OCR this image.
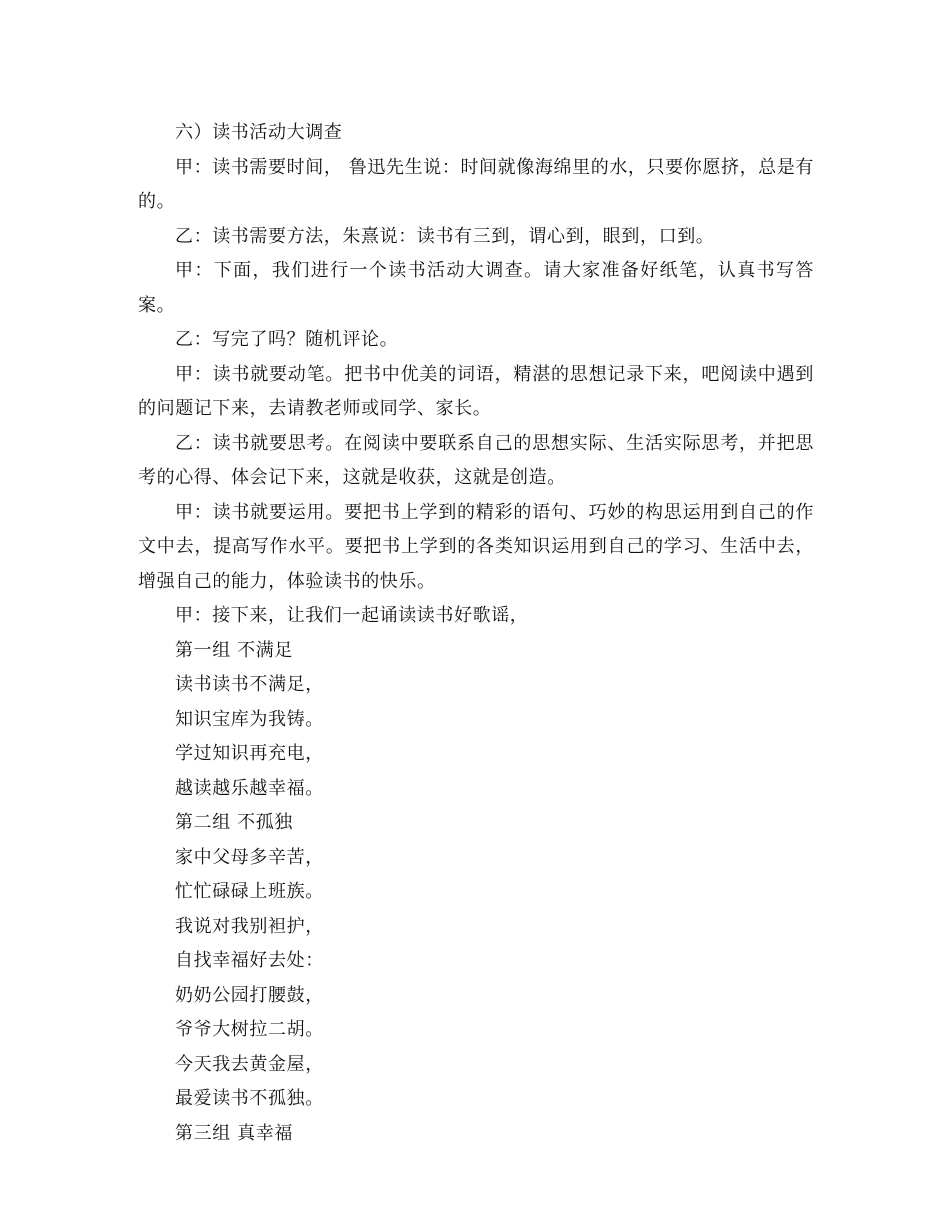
六）读书活动大调查

甲：读书需要时间， 鲁迅先生说：时间就像海绵里的水，只要你愿挤，总是有的。

乙：读书需要方法，朱熹说：读书有三到，谓心到，眼到，口到。

甲：下面，我们进行一个读书活动大调查。请大家准备好纸笔，认真书写答案。

乙：写完了吗？随机评论。

甲：读书就要动笔。把书中优美的词语，精湛的思想记录下来，吧阅读中遇到的问题记下来，去请教老师或同学、家长。

乙：读书就要思考。在阅读中要联系自己的思想实际、生活实际思考，并把思考的心得、体会记下来，这就是收获，这就是创造。

甲：读书就要运用。要把书上学到的精彩的语句、巧妙的构思运用到自己的作文中去，提高写作水平。要把书上学到的各类知识运用到自己的学习、生活中去，增强自己的能力，体验读书的快乐。

甲：接下来，让我们一起诵读读书好歌谣，

第一组 不满足

读书读书不满足，

知识宝库为我铸。

学过知识再充电，

越读越乐越幸福。

第二组 不孤独

家中父母多辛苦，

忙忙碌碌上班族。

我说对我别袒护，

自找幸福好去处：

奶奶公园打腰鼓，

爷爷大树拉二胡。

今天我去黄金屋，

最爱读书不孤独。

第三组 真幸福
